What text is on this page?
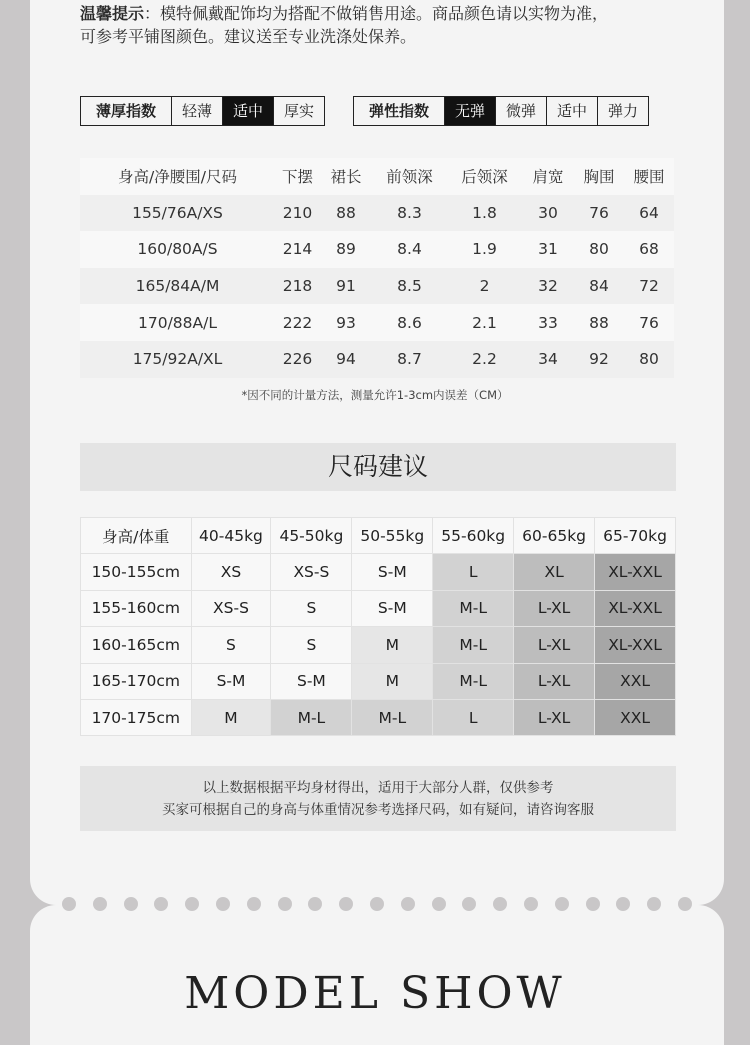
温馨提示：模特佩戴配饰均为搭配不做销售用途。商品颜色请以实物为准，
可参考平铺图颜色。建议送至专业洗涤处保养。
薄厚指数	轻薄	适中	厚实	弹性指数	无弹	微弹	适中	弹力
身高/净腰围/尺码	下摆	裙长	前领深	后领深	肩宽	胸围	腰围
155/76A/XS	210	88	8.3	1.8	30	76	64
160/80A/S	214	89	8.4	1.9	31	80	68
165/84A/M	218	91	8.5	2	32	84	72
170/88A/L	222	93	8.6	2.1	33	88	76
175/92A/XL	226	94	8.7	2.2	34	92	80
*因不同的计量方法，测量允许1-3cm内误差（CM）
尺码建议
身高/体重	40-45kg	45-50kg	50-55kg	55-60kg	60-65kg	65-70kg
150-155cm	XS	XS-S	S-M	L	XL	XL-XXL
155-160cm	XS-S	S	S-M	M-L	L-XL	XL-XXL
160-165cm	S	S	M	M-L	L-XL	XL-XXL
165-170cm	S-M	S-M	M	M-L	L-XL	XXL
170-175cm	M	M-L	M-L	L	L-XL	XXL
以上数据根据平均身材得出，适用于大部分人群，仅供参考
买家可根据自己的身高与体重情况参考选择尺码，如有疑问，请咨询客服
MODEL SHOW
